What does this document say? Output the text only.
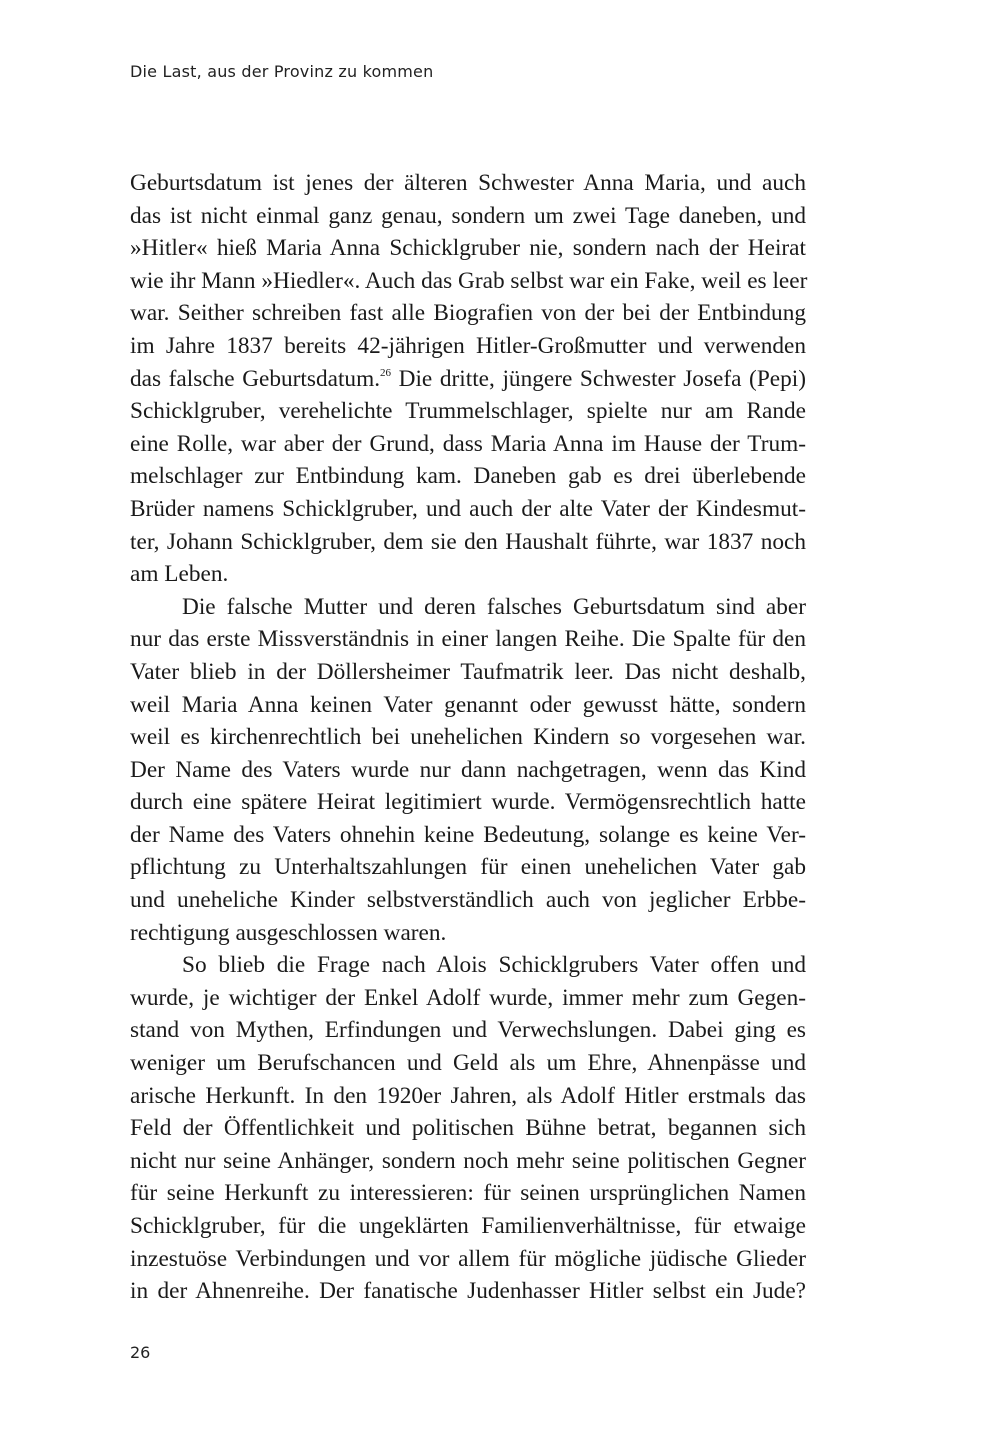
Die Last, aus der Provinz zu kommen
Geburtsdatum ist jenes der älteren Schwester Anna Maria, und auch
das ist nicht einmal ganz genau, sondern um zwei Tage daneben, und
»Hitler« hieß Maria Anna Schicklgruber nie, sondern nach der Heirat
wie ihr Mann »Hiedler«. Auch das Grab selbst war ein Fake, weil es leer
war. Seither schreiben fast alle Biografien von der bei der Entbindung
im Jahre 1837 bereits 42-jährigen Hitler-Großmutter und verwenden
das falsche Geburtsdatum.$^{26}$ Die dritte, jüngere Schwester Josefa (Pepi)
Schicklgruber, verehelichte Trummelschlager, spielte nur am Rande
eine Rolle, war aber der Grund, dass Maria Anna im Hause der Trum-
melschlager zur Entbindung kam. Daneben gab es drei überlebende
Brüder namens Schicklgruber, und auch der alte Vater der Kindesmut-
ter, Johann Schicklgruber, dem sie den Haushalt führte, war 1837 noch
am Leben.
Die falsche Mutter und deren falsches Geburtsdatum sind aber
nur das erste Missverständnis in einer langen Reihe. Die Spalte für den
Vater blieb in der Döllersheimer Taufmatrik leer. Das nicht deshalb,
weil Maria Anna keinen Vater genannt oder gewusst hätte, sondern
weil es kirchenrechtlich bei unehelichen Kindern so vorgesehen war.
Der Name des Vaters wurde nur dann nachgetragen, wenn das Kind
durch eine spätere Heirat legitimiert wurde. Vermögensrechtlich hatte
der Name des Vaters ohnehin keine Bedeutung, solange es keine Ver-
pflichtung zu Unterhaltszahlungen für einen unehelichen Vater gab
und uneheliche Kinder selbstverständlich auch von jeglicher Erbbe-
rechtigung ausgeschlossen waren.
So blieb die Frage nach Alois Schicklgrubers Vater offen und
wurde, je wichtiger der Enkel Adolf wurde, immer mehr zum Gegen-
stand von Mythen, Erfindungen und Verwechslungen. Dabei ging es
weniger um Berufschancen und Geld als um Ehre, Ahnenpässe und
arische Herkunft. In den 1920er Jahren, als Adolf Hitler erstmals das
Feld der Öffentlichkeit und politischen Bühne betrat, begannen sich
nicht nur seine Anhänger, sondern noch mehr seine politischen Gegner
für seine Herkunft zu interessieren: für seinen ursprünglichen Namen
Schicklgruber, für die ungeklärten Familienverhältnisse, für etwaige
inzestuöse Verbindungen und vor allem für mögliche jüdische Glieder
in der Ahnenreihe. Der fanatische Judenhasser Hitler selbst ein Jude?
26
